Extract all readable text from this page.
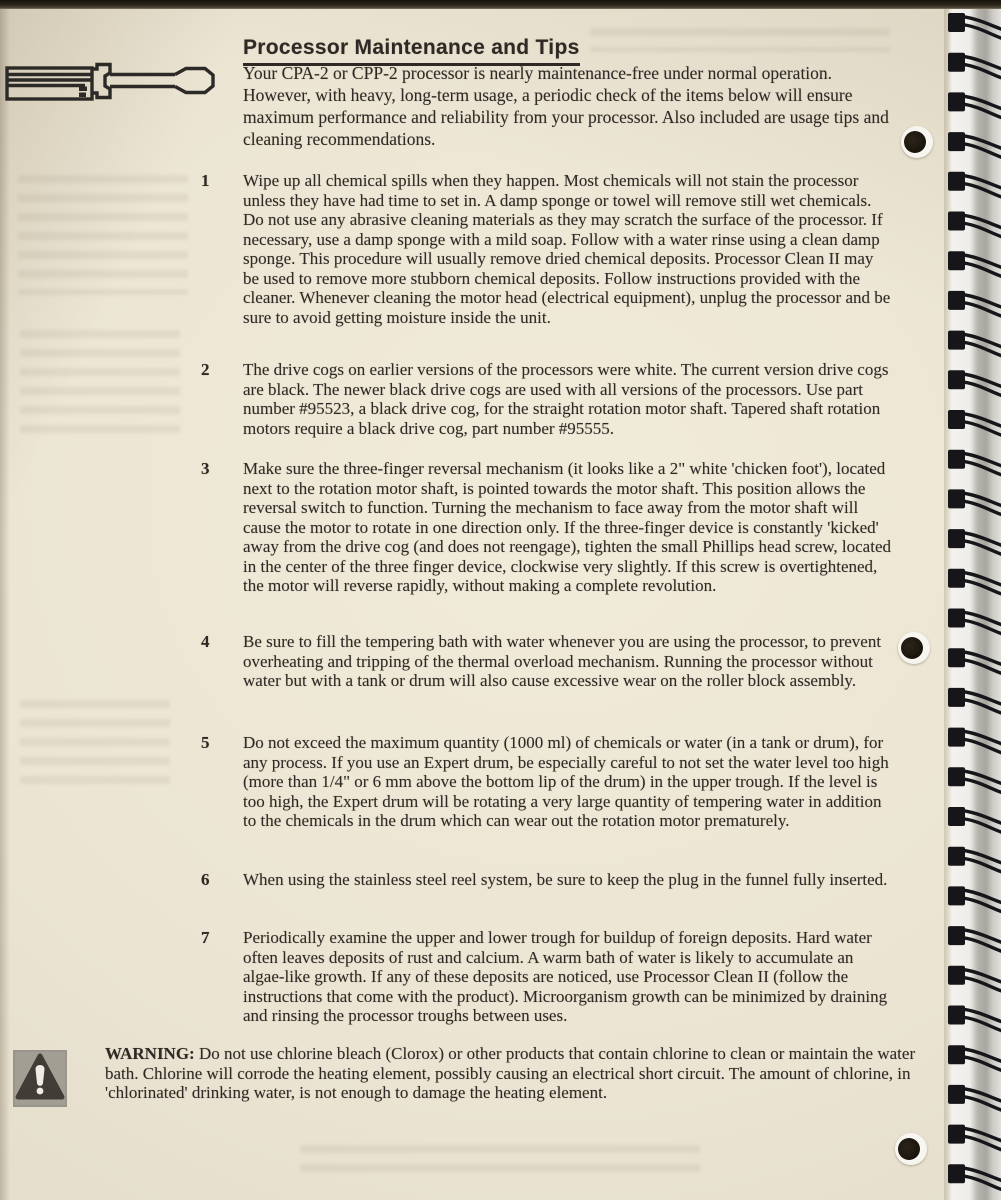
Processor Maintenance and Tips

Your CPA-2 or CPP-2 processor is nearly maintenance-free under normal operation. However, with heavy, long-term usage, a periodic check of the items below will ensure maximum performance and reliability from your processor. Also included are usage tips and cleaning recommendations.

1 Wipe up all chemical spills when they happen. Most chemicals will not stain the processor unless they have had time to set in. A damp sponge or towel will remove still wet chemicals. Do not use any abrasive cleaning materials as they may scratch the surface of the processor. If necessary, use a damp sponge with a mild soap. Follow with a water rinse using a clean damp sponge. This procedure will usually remove dried chemical deposits. Processor Clean II may be used to remove more stubborn chemical deposits. Follow instructions provided with the cleaner. Whenever cleaning the motor head (electrical equipment), unplug the processor and be sure to avoid getting moisture inside the unit.

2 The drive cogs on earlier versions of the processors were white. The current version drive cogs are black. The newer black drive cogs are used with all versions of the processors. Use part number #95523, a black drive cog, for the straight rotation motor shaft. Tapered shaft rotation motors require a black drive cog, part number #95555.

3 Make sure the three-finger reversal mechanism (it looks like a 2" white 'chicken foot'), located next to the rotation motor shaft, is pointed towards the motor shaft. This position allows the reversal switch to function. Turning the mechanism to face away from the motor shaft will cause the motor to rotate in one direction only. If the three-finger device is constantly 'kicked' away from the drive cog (and does not reengage), tighten the small Phillips head screw, located in the center of the three finger device, clockwise very slightly. If this screw is overtightened, the motor will reverse rapidly, without making a complete revolution.

4 Be sure to fill the tempering bath with water whenever you are using the processor, to prevent overheating and tripping of the thermal overload mechanism. Running the processor without water but with a tank or drum will also cause excessive wear on the roller block assembly.

5 Do not exceed the maximum quantity (1000 ml) of chemicals or water (in a tank or drum), for any process. If you use an Expert drum, be especially careful to not set the water level too high (more than 1/4" or 6 mm above the bottom lip of the drum) in the upper trough. If the level is too high, the Expert drum will be rotating a very large quantity of tempering water in addition to the chemicals in the drum which can wear out the rotation motor prematurely.

6 When using the stainless steel reel system, be sure to keep the plug in the funnel fully inserted.

7 Periodically examine the upper and lower trough for buildup of foreign deposits. Hard water often leaves deposits of rust and calcium. A warm bath of water is likely to accumulate an algae-like growth. If any of these deposits are noticed, use Processor Clean II (follow the instructions that come with the product). Microorganism growth can be minimized by draining and rinsing the processor troughs between uses.

WARNING: Do not use chlorine bleach (Clorox) or other products that contain chlorine to clean or maintain the water bath. Chlorine will corrode the heating element, possibly causing an electrical short circuit. The amount of chlorine, in 'chlorinated' drinking water, is not enough to damage the heating element.
